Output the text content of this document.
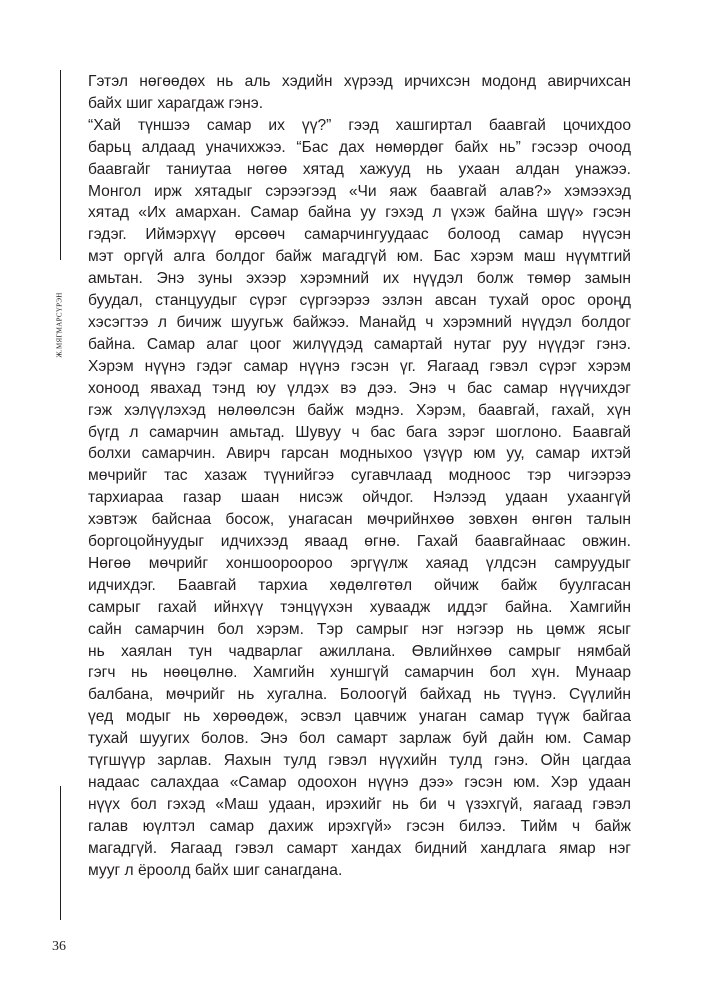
Ж.МЯГМАРСҮРЭН
Гэтэл нөгөөдөх нь аль хэдийн хүрээд ирчихсэн модонд авирчихсан
байх шиг харагдаж гэнэ.
“Хай түншээ самар их үү?” гээд хашгиртал баавгай цочихдоо
барьц алдаад уначихжээ. “Бас дах нөмөрдөг байх нь” гэсээр очоод
баавгайг таниутаа нөгөө хятад хажууд нь ухаан алдан унажээ.
Монгол ирж хятадыг сэрээгээд «Чи яаж баавгай алав?» хэмээхэд
хятад «Их амархан. Самар байна уу гэхэд л үхэж байна шүү» гэсэн
гэдэг. Иймэрхүү өрсөөч самарчингуудаас болоод самар нүүсэн
мэт оргүй алга болдог байж магадгүй юм. Бас хэрэм маш нүүмтгий
амьтан. Энэ зуны эхээр хэрэмний их нүүдэл болж төмөр замын
буудал, станцуудыг сүрэг сүргээрээ эзлэн авсан тухай орос ороңд
хэсэгтээ л бичиж шуугьж байжээ. Манайд ч хэрэмний нүүдэл болдог
байна. Самар алаг цоог жилүүдэд самартай нутаг руу нүүдэг гэнэ.
Хэрэм нүүнэ гэдэг самар нүүнэ гэсэн үг. Яагаад гэвэл сүрэг хэрэм
хоноод явахад тэнд юу үлдэх вэ дээ. Энэ ч бас самар нүүчихдэг
гэж хэлүүлэхэд нөлөөлсэн байж мэднэ. Хэрэм, баавгай, гахай, хүн
бүгд л самарчин амьтад. Шувуу ч бас бага зэрэг шоглоно. Баавгай
болхи самарчин. Авирч гарсан модныхоо үзүүр юм уу, самар ихтэй
мөчрийг тас хазаж түүнийгээ сугавчлаад модноос тэр чигээрээ
тархиараа газар шаан нисэж ойчдог. Нэлээд удаан ухаангүй
хэвтэж байснаа босож, унагасан мөчрийнхөө зөвхөн өнгөн талын
боргоцойнуудыг идчихээд яваад өгнө. Гахай баавгайнаас овжин.
Нөгөө мөчрийг хоншоороороо эргүүлж хаяад үлдсэн самруудыг
идчихдэг. Баавгай тархиа хөдөлгөтөл ойчиж байж буулгасан
самрыг гахай ийнхүү тэнцүүхэн хуваадж иддэг байна. Хамгийн
сайн самарчин бол хэрэм. Тэр самрыг нэг нэгээр нь цөмж ясыг
нь хаялан тун чадварлаг ажиллана. Өвлийнхөө самрыг нямбай
гэгч нь нөөцөлнө. Хамгийн хуншгүй самарчин бол хүн. Мунаар
балбана, мөчрийг нь хугална. Болоогүй байхад нь түүнэ. Сүүлийн
үед модыг нь хөрөөдөж, эсвэл цавчиж унаган самар түүж байгаа
тухай шуугих болов. Энэ бол самарт зарлаж буй дайн юм. Самар
түгшүүр зарлав. Яахын тулд гэвэл нүүхийн тулд гэнэ. Ойн цагдаа
надаас салахдаа «Самар одоохон нүүнэ дээ» гэсэн юм. Хэр удаан
нүүх бол гэхэд «Маш удаан, ирэхийг нь би ч үзэхгүй, яагаад гэвэл
галав юүлтэл самар дахиж ирэхгүй» гэсэн билээ. Тийм ч байж
магадгүй. Яагаад гэвэл самарт хандах бидний хандлага ямар нэг
мууг л ёроолд байх шиг санагдана.
36
